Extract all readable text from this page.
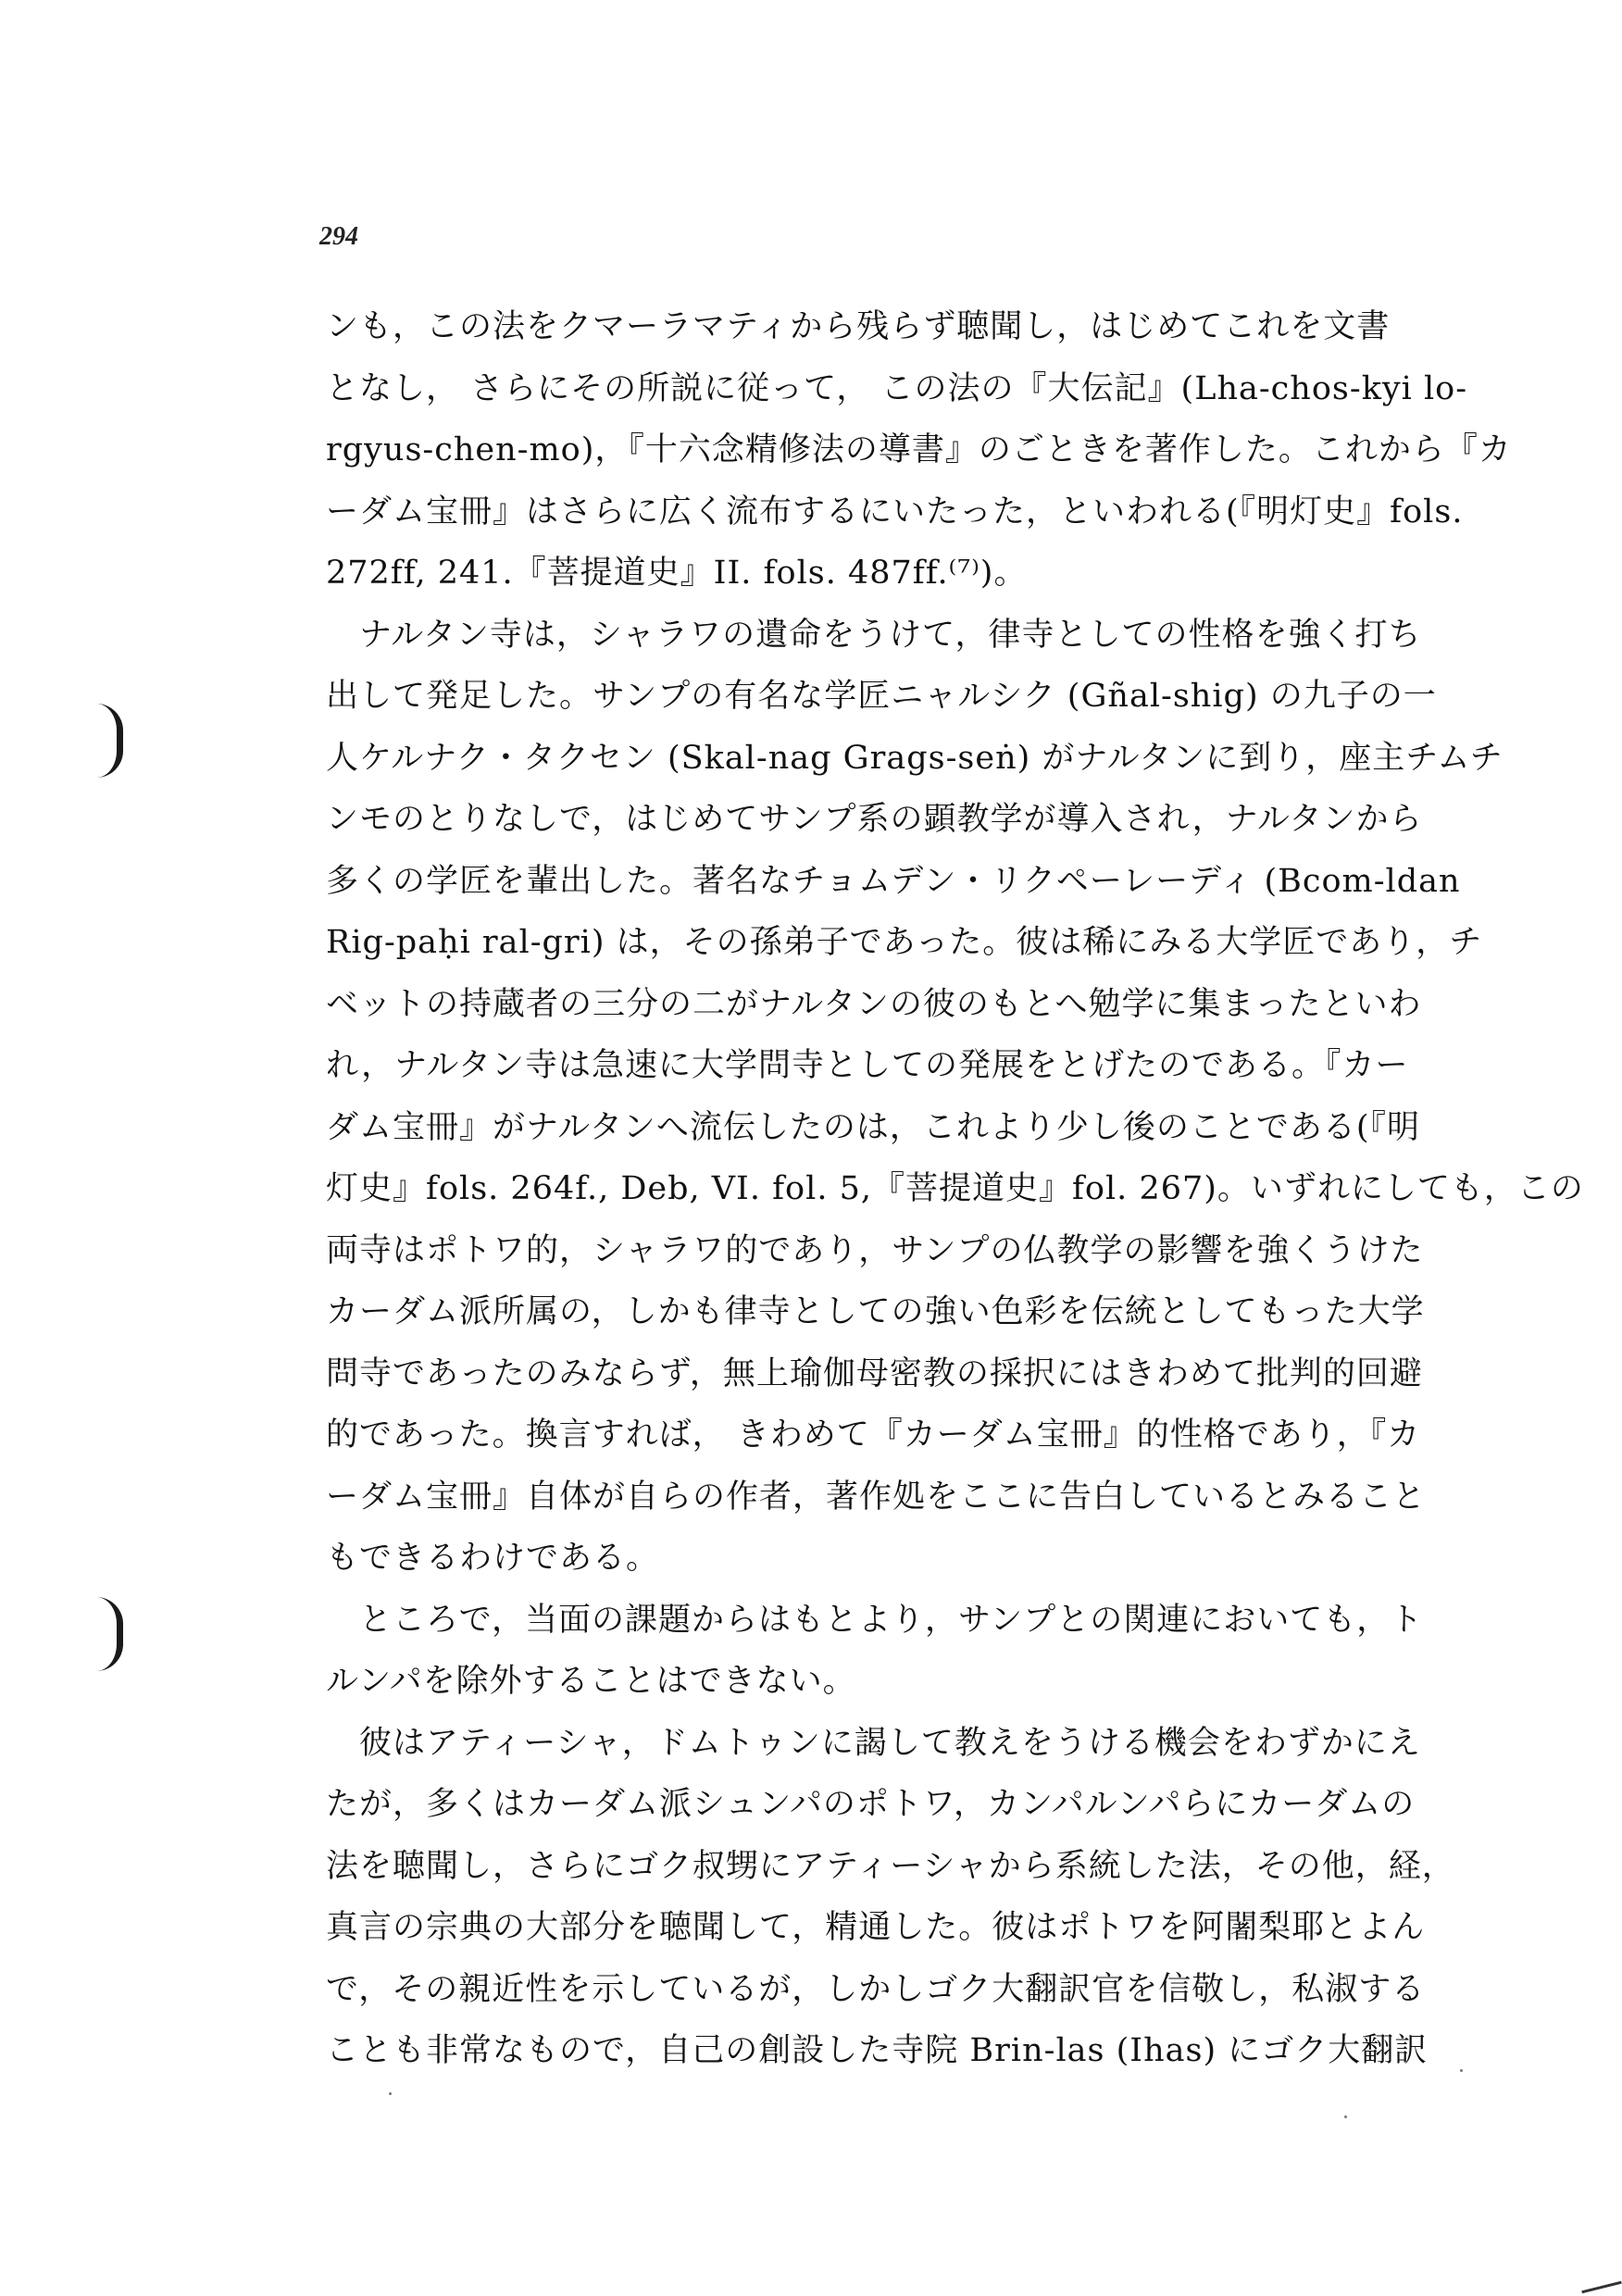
294
ンも，この法をクマーラマティから残らず聴聞し，はじめてこれを文書
となし， さらにその所説に従って， この法の『大伝記』(Lha-chos-kyi lo-
rgyus-chen-mo)，『十六念精修法の導書』のごときを著作した。これから『カ
ーダム宝冊』はさらに広く流布するにいたった，といわれる(『明灯史』fols.
272ff, 241.『菩提道史』II. fols. 487ff.⁽⁷⁾)。
ナルタン寺は，シャラワの遺命をうけて，律寺としての性格を強く打ち
出して発足した。サンプの有名な学匠ニャルシク (Gñal-shig) の九子の一
人ケルナク・タクセン (Skal-nag Grags-seṅ) がナルタンに到り，座主チムチ
ンモのとりなしで，はじめてサンプ系の顕教学が導入され，ナルタンから
多くの学匠を輩出した。著名なチョムデン・リクペーレーディ (Bcom-ldan
Rig-paḥi ral-gri) は，その孫弟子であった。彼は稀にみる大学匠であり，チ
ベットの持蔵者の三分の二がナルタンの彼のもとへ勉学に集まったといわ
れ，ナルタン寺は急速に大学問寺としての発展をとげたのである。『カー
ダム宝冊』がナルタンへ流伝したのは，これより少し後のことである(『明
灯史』fols. 264f., Deb, VI. fol. 5,『菩提道史』fol. 267)。いずれにしても，この
両寺はポトワ的，シャラワ的であり，サンプの仏教学の影響を強くうけた
カーダム派所属の，しかも律寺としての強い色彩を伝統としてもった大学
問寺であったのみならず，無上瑜伽母密教の採択にはきわめて批判的回避
的であった。換言すれば， きわめて『カーダム宝冊』的性格であり，『カ
ーダム宝冊』自体が自らの作者，著作処をここに告白しているとみること
もできるわけである。
ところで，当面の課題からはもとより，サンプとの関連においても，ト
ルンパを除外することはできない。
彼はアティーシャ，ドムトゥンに謁して教えをうける機会をわずかにえ
たが，多くはカーダム派シュンパのポトワ，カンパルンパらにカーダムの
法を聴聞し，さらにゴク叔甥にアティーシャから系統した法，その他，経，
真言の宗典の大部分を聴聞して，精通した。彼はポトワを阿闍梨耶とよん
で，その親近性を示しているが，しかしゴク大翻訳官を信敬し，私淑する
ことも非常なもので，自己の創設した寺院 Brin-las (Ihas) にゴク大翻訳
